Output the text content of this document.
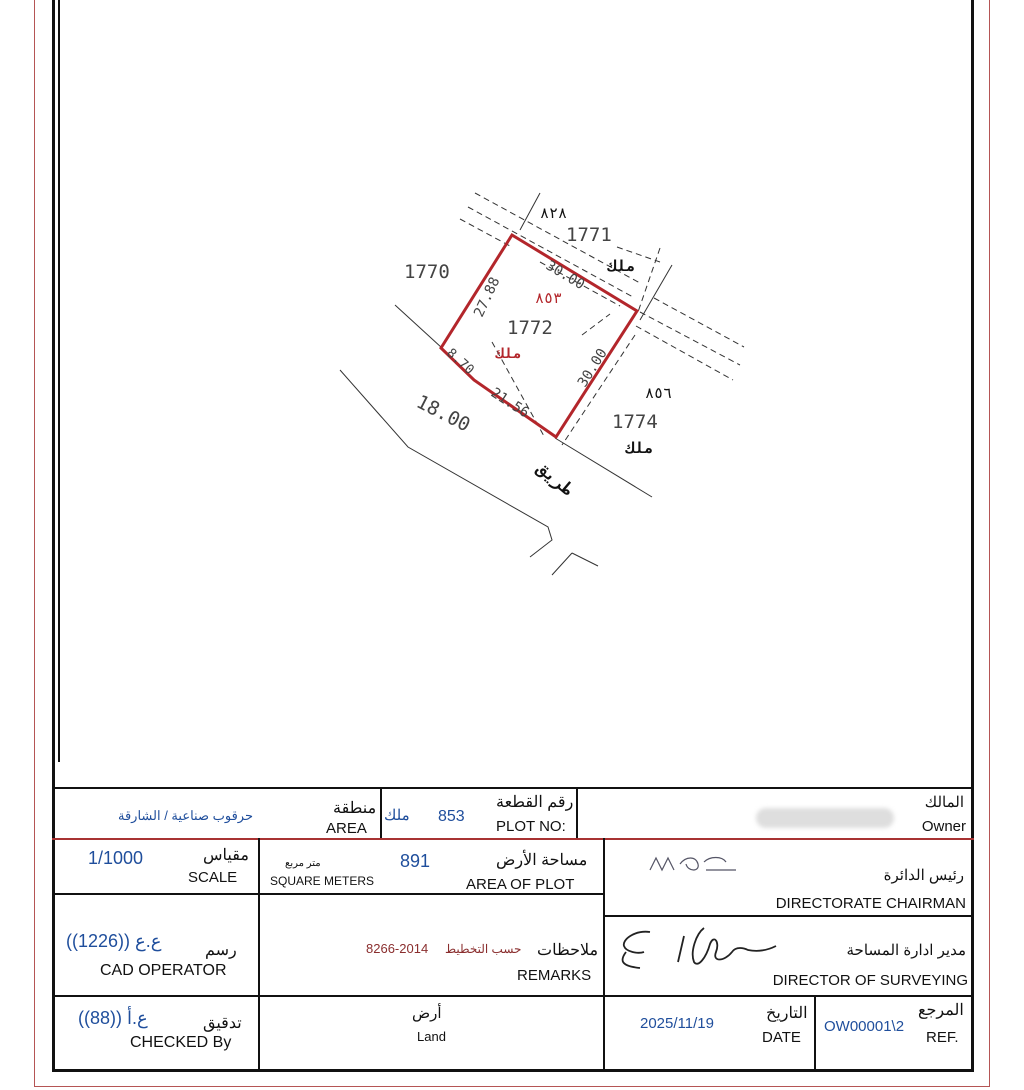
1771
٨٢٨
ملك
1770
1772
٨٥٣
ملك
٨٥٦
1774
ملك
30.00
27.88
30.00
21.56
8.70
18.00
طريق
المالك
Owner
رقم القطعة
PLOT NO:
853
ملك
منطقة
AREA
حرقوب صناعية / الشارقة
رئيس الدائرة
DIRECTORATE CHAIRMAN
مساحة الأرض
AREA OF PLOT
891
متر مربع
SQUARE METERS
مقياس
SCALE
1/1000
مدير ادارة المساحة
DIRECTOR OF SURVEYING
ملاحظات
REMARKS
حسب التخطيط
8266-2014
رسم
CAD OPERATOR
ع.ع ((1226))
المرجع
REF.
OW00001\2
التاريخ
DATE
2025/11/19
أرض
Land
تدقيق
CHECKED By
ع.أ ((88))
